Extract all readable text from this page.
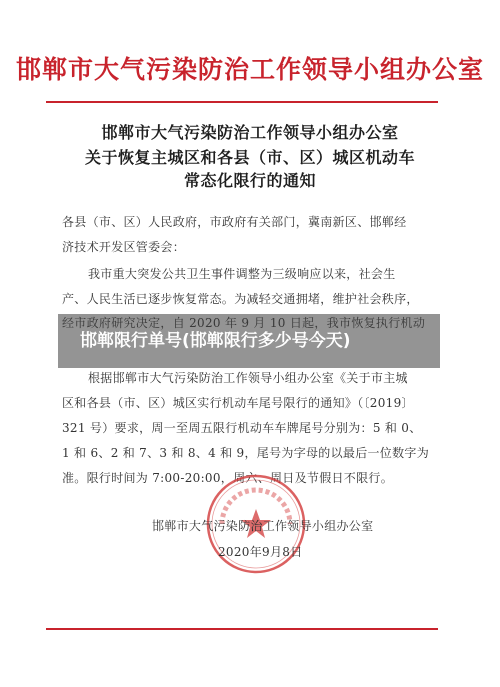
邯郸市大气污染防治工作领导小组办公室
邯郸市大气污染防治工作领导小组办公室
关于恢复主城区和各县（市、区）城区机动车
常态化限行的通知
各县（市、区）人民政府，市政府有关部门，冀南新区、邯郸经
济技术开发区管委会：
我市重大突发公共卫生事件调整为三级响应以来，社会生
产、人民生活已逐步恢复常态。为减轻交通拥堵，维护社会秩序，
邯郸限行单号(邯郸限行多少号今天)
根据邯郸市大气污染防治工作领导小组办公室《关于市主城
区和各县（市、区）城区实行机动车尾号限行的通知》（〔2019〕
321 号）要求，周一至周五限行机动车车牌尾号分别为：5 和 0、
1 和 6、2 和 7、3 和 8、4 和 9，尾号为字母的以最后一位数字为
准。限行时间为 7:00-20:00，周六、周日及节假日不限行。
邯郸市大气污染防治工作领导小组办公室
2020年9月8日
